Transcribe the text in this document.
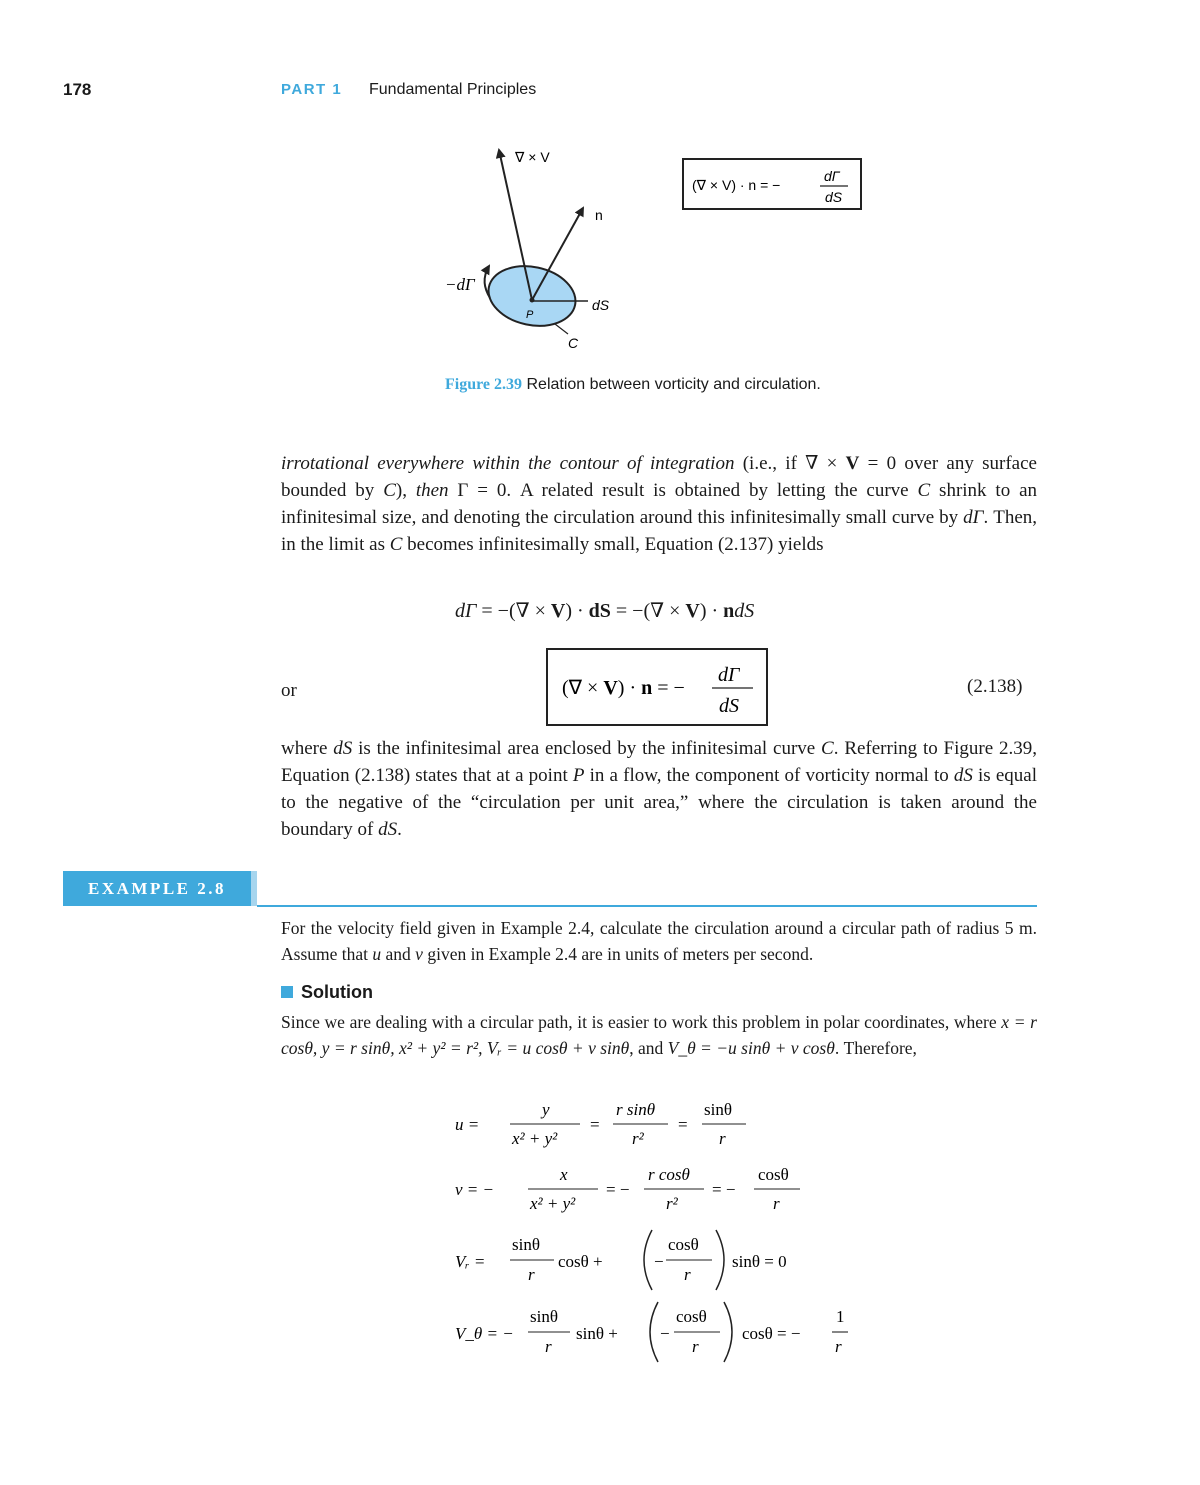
178	PART 1 Fundamental Principles
∇ × V
n
−dΓ
P
dS
C
(∇ × V) · n = −
dΓ
dS
Figure 2.39 Relation between vorticity and circulation.
irrotational everywhere within the contour of integration (i.e., if ∇ × V = 0 over any surface bounded by C), then Γ = 0. A related result is obtained by letting the curve C shrink to an infinitesimal size, and denoting the circulation around this infinitesimally small curve by dΓ. Then, in the limit as C becomes infinitesimally small, Equation (2.137) yields
dΓ = −(∇ × V) · dS = −(∇ × V) · ndS
or	(∇ × V) · n = −
dΓ
dS
(2.138)
where dS is the infinitesimal area enclosed by the infinitesimal curve C. Referring to Figure 2.39, Equation (2.138) states that at a point P in a flow, the component of vorticity normal to dS is equal to the negative of the “circulation per unit area,” where the circulation is taken around the boundary of dS.
EXAMPLE 2.8
For the velocity field given in Example 2.4, calculate the circulation around a circular path of radius 5 m. Assume that u and v given in Example 2.4 are in units of meters per second.
Solution
Since we are dealing with a circular path, it is easier to work this problem in polar coordinates, where x = r cosθ, y = r sinθ, x² + y² = r², Vᵣ = u cosθ + v sinθ, and V_θ = −u sinθ + v cosθ. Therefore,
u =
y
x² + y²
=
r sinθ
r²
=
sinθ
r
v = −
x
x² + y²
= −
r cosθ
r²
= −
cosθ
r
Vᵣ =
sinθ
r
cosθ +	−
cosθ
r
sinθ = 0
V_θ = −
sinθ
r
sinθ + −
cosθ
r
cosθ = −
1
r
